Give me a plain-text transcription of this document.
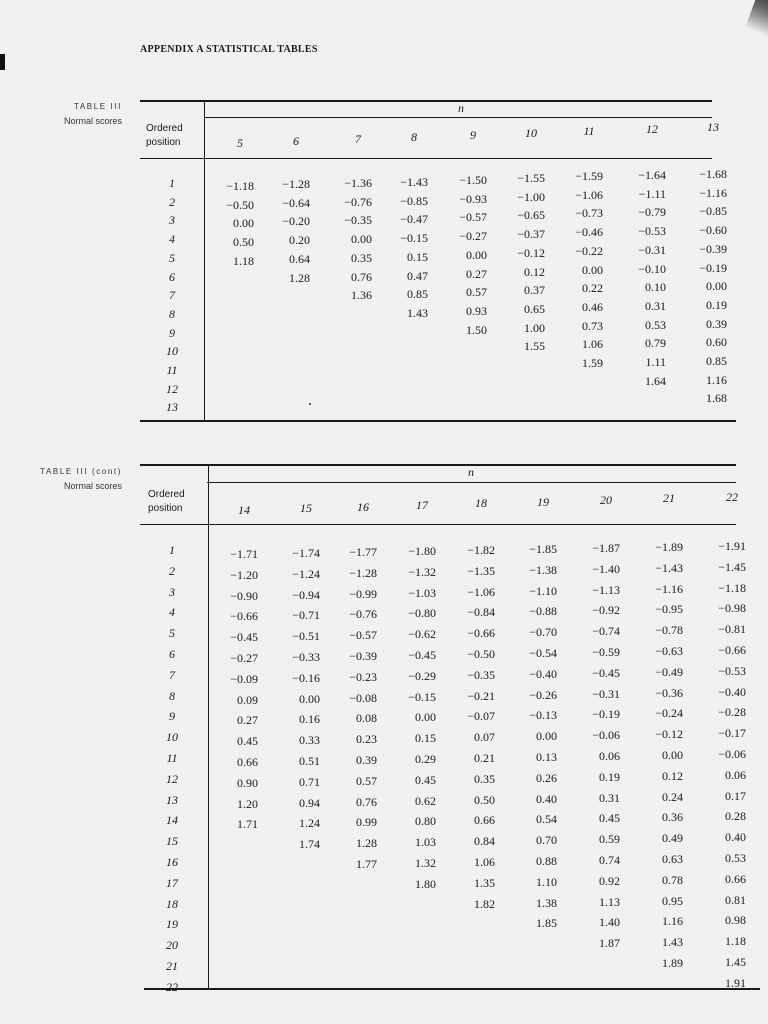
APPENDIX A STATISTICAL TABLES
TABLE III
Normal scores
Ordered
position
n
1
2
3
4
5
6
7
8
9
10
11
12
13
5
−1.18
−0.50
0.00
0.50
1.18
6
−1.28
−0.64
−0.20
0.20
0.64
1.28
7
−1.36
−0.76
−0.35
0.00
0.35
0.76
1.36
8
−1.43
−0.85
−0.47
−0.15
0.15
0.47
0.85
1.43
9
−1.50
−0.93
−0.57
−0.27
0.00
0.27
0.57
0.93
1.50
10
−1.55
−1.00
−0.65
−0.37
−0.12
0.12
0.37
0.65
1.00
1.55
11
−1.59
−1.06
−0.73
−0.46
−0.22
0.00
0.22
0.46
0.73
1.06
1.59
12
−1.64
−1.11
−0.79
−0.53
−0.31
−0.10
0.10
0.31
0.53
0.79
1.11
1.64
13
−1.68
−1.16
−0.85
−0.60
−0.39
−0.19
0.00
0.19
0.39
0.60
0.85
1.16
1.68
TABLE III (cont)
Normal scores
Ordered
position
n
1
2
3
4
5
6
7
8
9
10
11
12
13
14
15
16
17
18
19
20
21
22
14
−1.71
−1.20
−0.90
−0.66
−0.45
−0.27
−0.09
0.09
0.27
0.45
0.66
0.90
1.20
1.71
15
−1.74
−1.24
−0.94
−0.71
−0.51
−0.33
−0.16
0.00
0.16
0.33
0.51
0.71
0.94
1.24
1.74
16
−1.77
−1.28
−0.99
−0.76
−0.57
−0.39
−0.23
−0.08
0.08
0.23
0.39
0.57
0.76
0.99
1.28
1.77
17
−1.80
−1.32
−1.03
−0.80
−0.62
−0.45
−0.29
−0.15
0.00
0.15
0.29
0.45
0.62
0.80
1.03
1.32
1.80
18
−1.82
−1.35
−1.06
−0.84
−0.66
−0.50
−0.35
−0.21
−0.07
0.07
0.21
0.35
0.50
0.66
0.84
1.06
1.35
1.82
19
−1.85
−1.38
−1.10
−0.88
−0.70
−0.54
−0.40
−0.26
−0.13
0.00
0.13
0.26
0.40
0.54
0.70
0.88
1.10
1.38
1.85
20
−1.87
−1.40
−1.13
−0.92
−0.74
−0.59
−0.45
−0.31
−0.19
−0.06
0.06
0.19
0.31
0.45
0.59
0.74
0.92
1.13
1.40
1.87
21
−1.89
−1.43
−1.16
−0.95
−0.78
−0.63
−0.49
−0.36
−0.24
−0.12
0.00
0.12
0.24
0.36
0.49
0.63
0.78
0.95
1.16
1.43
1.89
22
−1.91
−1.45
−1.18
−0.98
−0.81
−0.66
−0.53
−0.40
−0.28
−0.17
−0.06
0.06
0.17
0.28
0.40
0.53
0.66
0.81
0.98
1.18
1.45
1.91
